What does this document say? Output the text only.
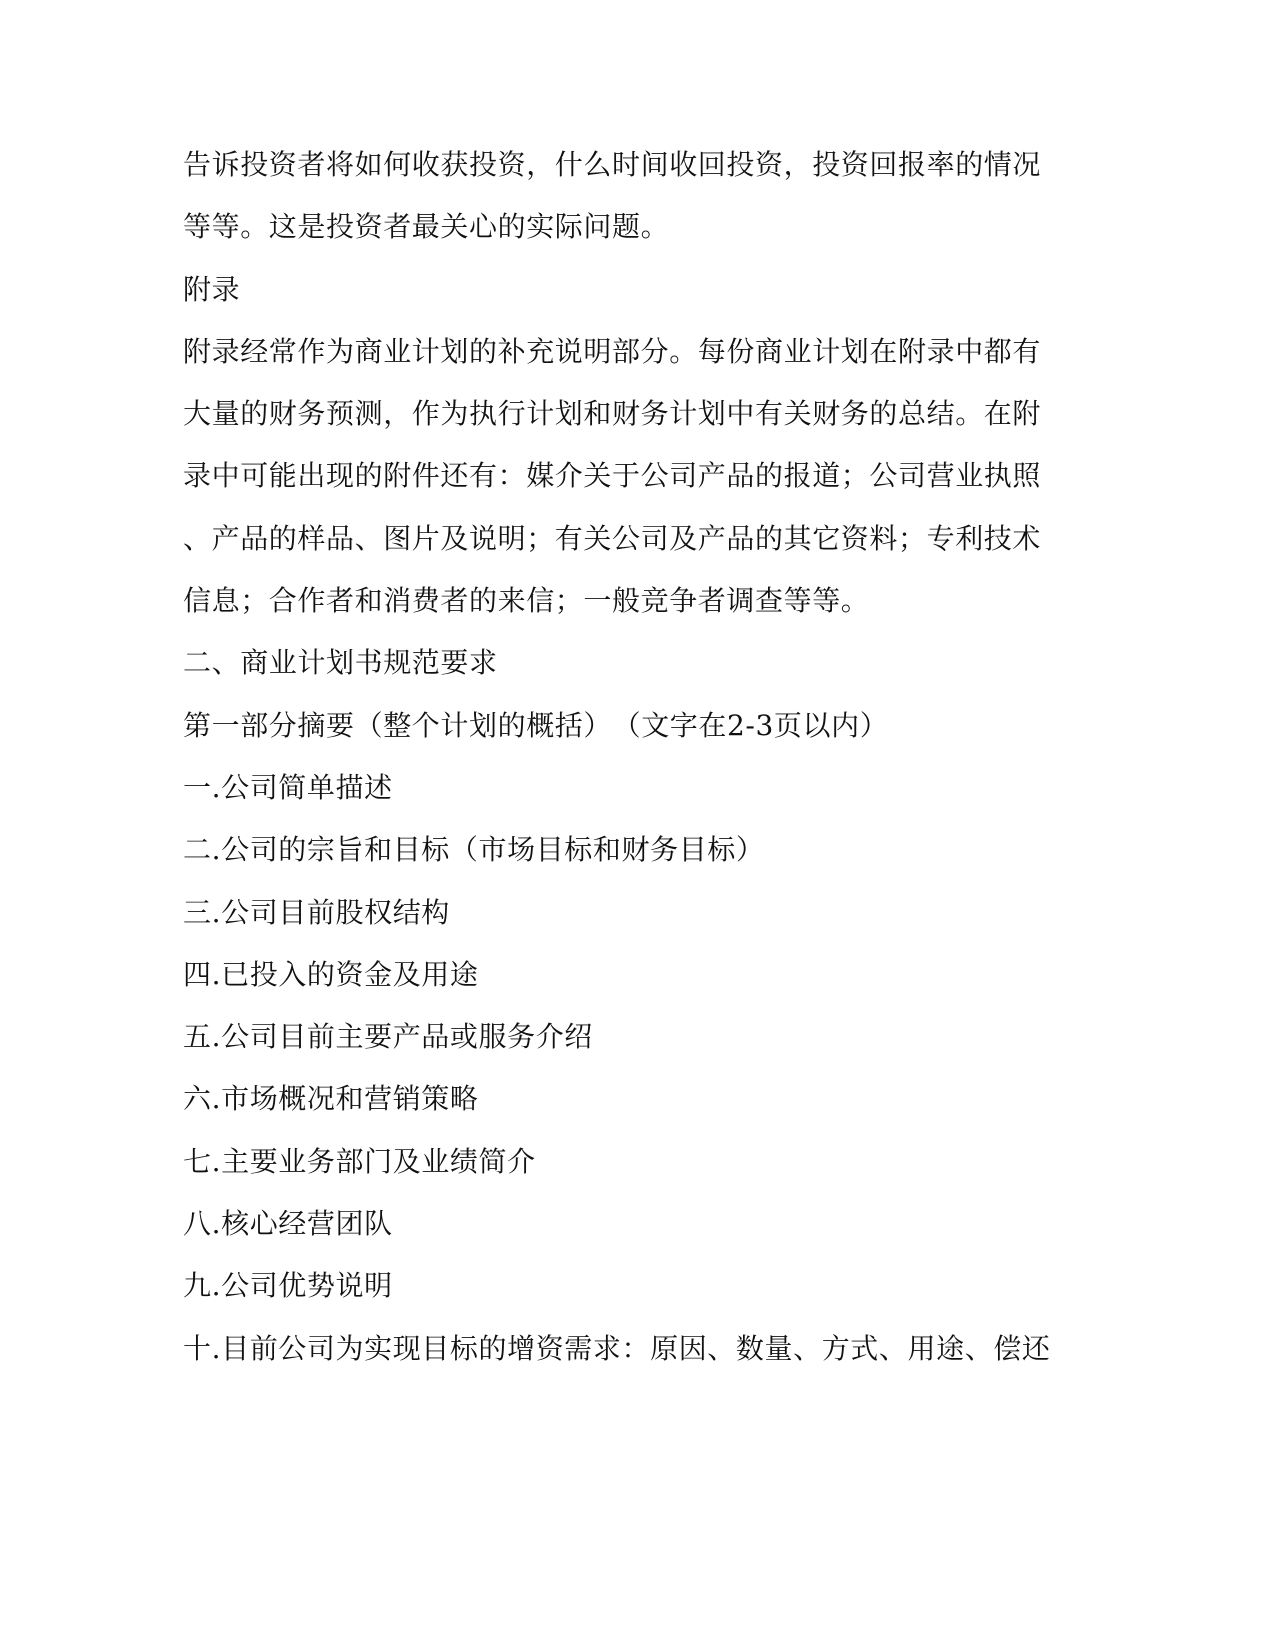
告诉投资者将如何收获投资，什么时间收回投资，投资回报率的情况
等等。这是投资者最关心的实际问题。
附录
附录经常作为商业计划的补充说明部分。每份商业计划在附录中都有
大量的财务预测，作为执行计划和财务计划中有关财务的总结。在附
录中可能出现的附件还有：媒介关于公司产品的报道；公司营业执照
、产品的样品、图片及说明；有关公司及产品的其它资料；专利技术
信息；合作者和消费者的来信；一般竞争者调查等等。
二、商业计划书规范要求
第一部分摘要（整个计划的概括）　（文字在2-3页以内）
一.公司简单描述
二.公司的宗旨和目标（市场目标和财务目标）
三.公司目前股权结构
四.已投入的资金及用途
五.公司目前主要产品或服务介绍
六.市场概况和营销策略
七.主要业务部门及业绩简介
八.核心经营团队
九.公司优势说明
十.目前公司为实现目标的增资需求：原因、数量、方式、用途、偿还
